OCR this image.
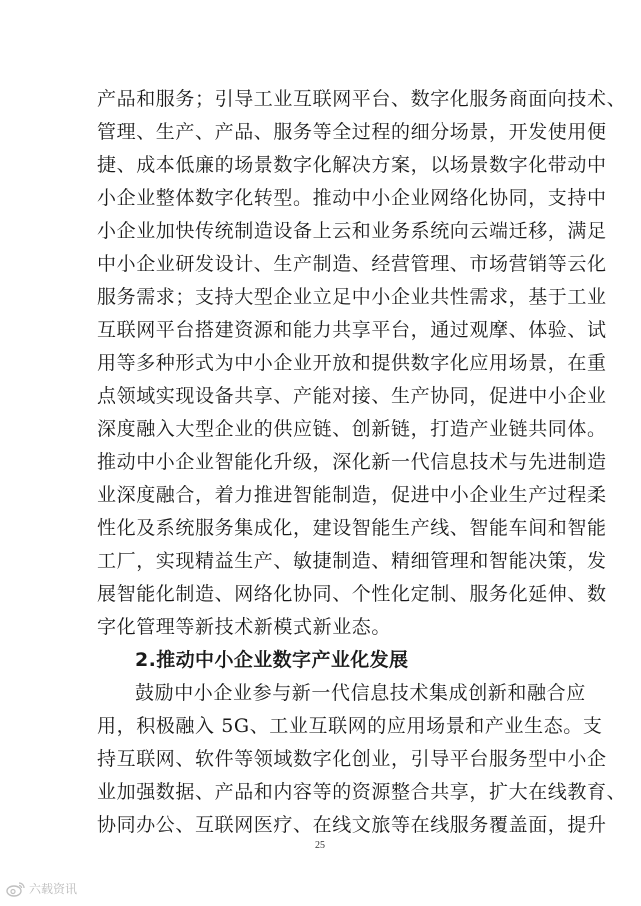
产品和服务；引导工业互联网平台、数字化服务商面向技术、
管理、生产、产品、服务等全过程的细分场景，开发使用便
捷、成本低廉的场景数字化解决方案，以场景数字化带动中
小企业整体数字化转型。推动中小企业网络化协同，支持中
小企业加快传统制造设备上云和业务系统向云端迁移，满足
中小企业研发设计、生产制造、经营管理、市场营销等云化
服务需求；支持大型企业立足中小企业共性需求，基于工业
互联网平台搭建资源和能力共享平台，通过观摩、体验、试
用等多种形式为中小企业开放和提供数字化应用场景，在重
点领域实现设备共享、产能对接、生产协同，促进中小企业
深度融入大型企业的供应链、创新链，打造产业链共同体。
推动中小企业智能化升级，深化新一代信息技术与先进制造
业深度融合，着力推进智能制造，促进中小企业生产过程柔
性化及系统服务集成化，建设智能生产线、智能车间和智能
工厂，实现精益生产、敏捷制造、精细管理和智能决策，发
展智能化制造、网络化协同、个性化定制、服务化延伸、数
字化管理等新技术新模式新业态。
2.推动中小企业数字产业化发展
鼓励中小企业参与新一代信息技术集成创新和融合应
用，积极融入 5G、工业互联网的应用场景和产业生态。支
持互联网、软件等领域数字化创业，引导平台服务型中小企
业加强数据、产品和内容等的资源整合共享，扩大在线教育、
协同办公、互联网医疗、在线文旅等在线服务覆盖面，提升
25
六载资讯
